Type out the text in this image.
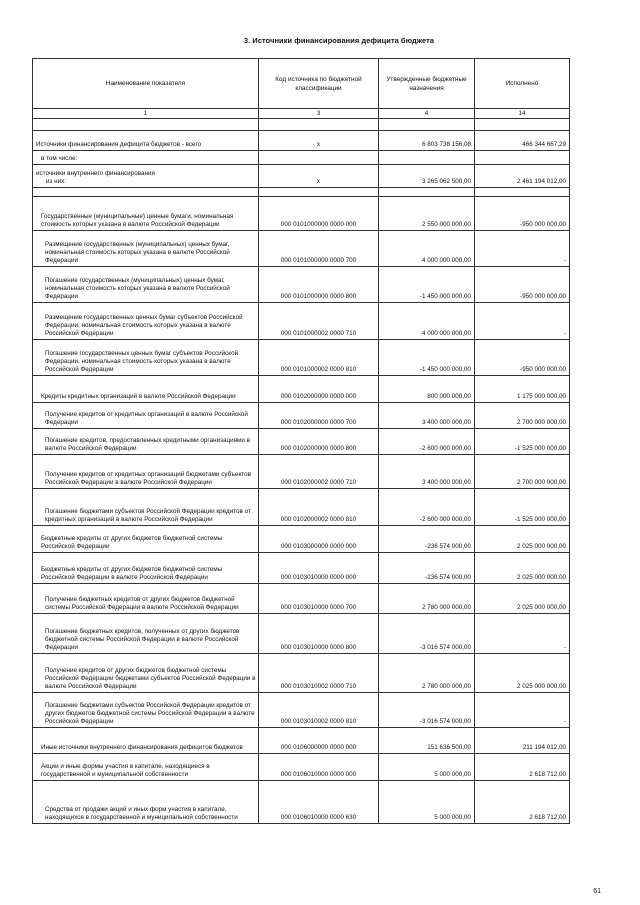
3. Источники финансирования дефицита бюджета
Наименование показателя	Код источника по бюджетной классификации	Утвержденные бюджетные назначения	Исполнено
1	3	4	14

Источники финансирования дефицита бюджетов - всего	x	6 803 738 156,08	466 344 667,29
в том числе:			
источники внутреннего финансирования
из них:	x	3 265 062 500,00	2 461 194 012,00

Государственные (муниципальные) ценные бумаги, номинальная стоимость которых указана в валюте Российской Федерации	000 0101000000 0000 000	2 550 000 000,00	-950 000 000,00
Размещение государственных (муниципальных) ценных бумаг, номинальная стоимость которых указана в валюте Российской Федерации	000 0101000000 0000 700	4 000 000 000,00	-
Погашение государственных (муниципальных) ценных бумаг, номинальная стоимость которых указана в валюте Российской Федерации	000 0101000000 0000 800	-1 450 000 000,00	-950 000 000,00
Размещение государственных ценных бумаг субъектов Российской Федерации, номинальная стоимость которых указана в валюте Российской Федерации	000 0101000002 0000 710	4 000 000 000,00	-
Погашение государственных ценных бумаг субъектов Российской Федерации, номинальная стоимость которых указана в валюте Российской Федерации	000 0101000002 0000 810	-1 450 000 000,00	-950 000 000,00
Кредиты кредитных организаций в валюте Российской Федерации	000 0102000000 0000 000	800 000 000,00	1 175 000 000,00
Получение кредитов от кредитных организаций в валюте Российской Федерации	000 0102000000 0000 700	3 400 000 000,00	2 700 000 000,00
Погашение кредитов, предоставленных кредитными организациями в валюте Российской Федерации	000 0102000000 0000 800	-2 600 000 000,00	-1 525 000 000,00
Получение кредитов от кредитных организаций бюджетами субъектов Российской Федерации в валюте Российской Федерации	000 0102000002 0000 710	3 400 000 000,00	2 700 000 000,00
Погашение бюджетами субъектов Российской Федерации кредитов от кредитных организаций в валюте Российской Федерации	000 0102000002 0000 810	-2 600 000 000,00	-1 525 000 000,00
Бюджетные кредиты от других бюджетов бюджетной системы Российской Федерации	000 0103000000 0000 000	-236 574 000,00	2 025 000 000,00
Бюджетные кредиты от других бюджетов бюджетной системы Российской Федерации в валюте Российской Федерации	000 0103010000 0000 000	-236 574 000,00	2 025 000 000,00
Получение бюджетных кредитов от других бюджетов бюджетной системы Российской Федерации в валюте Российской Федерации	000 0103010000 0000 700	2 780 000 000,00	2 025 000 000,00
Погашение бюджетных кредитов, полученных от других бюджетов бюджетной системы Российской Федерации в валюте Российской Федерации	000 0103010000 0000 800	-3 016 574 000,00	-
Получение кредитов от других бюджетов бюджетной системы Российской Федерации бюджетами субъектов Российской Федерации в валюте Российской Федерации	000 0103010002 0000 710	2 780 000 000,00	2 025 000 000,00
Погашение бюджетами субъектов Российской Федерации кредитов от других бюджетов бюджетной системы Российской Федерации в валюте Российской Федерации	000 0103010002 0000 810	-3 016 574 000,00	-
Иные источники внутреннего финансирования дефицитов бюджетов	000 0106000000 0000 000	151 636 500,00	211 194 012,00
Акции и иные формы участия в капитале, находящиеся в государственной и муниципальной собственности	000 0106010000 0000 000	5 000 000,00	2 618 712,00
Средства от продажи акций и иных форм участия в капитале, находящихся в государственной и муниципальной собственности	000 0106010000 0000 630	5 000 000,00	2 618 712,00
61
